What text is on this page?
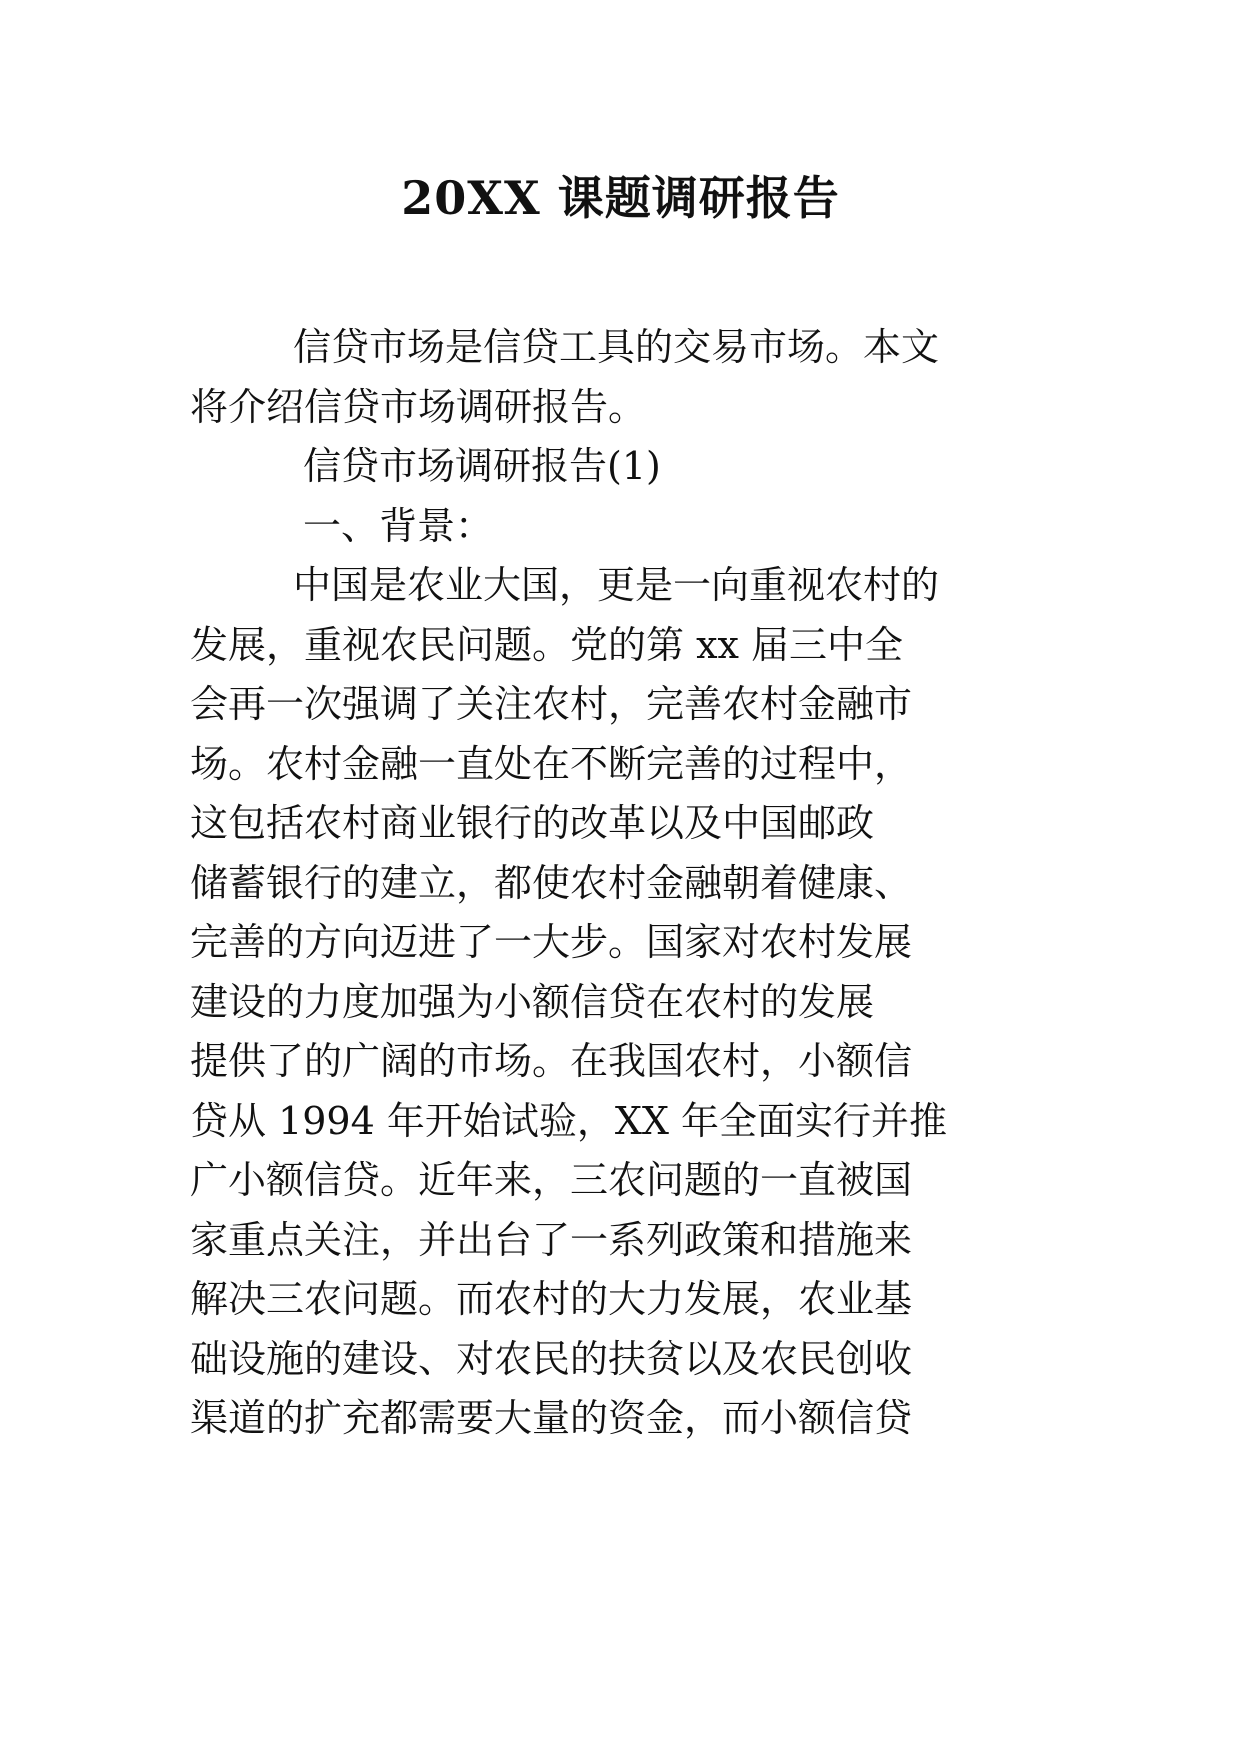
20XX 课题调研报告

信贷市场是信贷工具的交易市场。本文

将介绍信贷市场调研报告。

信贷市场调研报告(1)

一、背景：

中国是农业大国，更是一向重视农村的

发展，重视农民问题。党的第 xx 届三中全

会再一次强调了关注农村，完善农村金融市

场。农村金融一直处在不断完善的过程中，

这包括农村商业银行的改革以及中国邮政

储蓄银行的建立，都使农村金融朝着健康、

完善的方向迈进了一大步。国家对农村发展

建设的力度加强为小额信贷在农村的发展

提供了的广阔的市场。在我国农村，小额信

贷从 1994 年开始试验，XX 年全面实行并推

广小额信贷。近年来，三农问题的一直被国

家重点关注，并出台了一系列政策和措施来

解决三农问题。而农村的大力发展，农业基

础设施的建设、对农民的扶贫以及农民创收

渠道的扩充都需要大量的资金，而小额信贷
